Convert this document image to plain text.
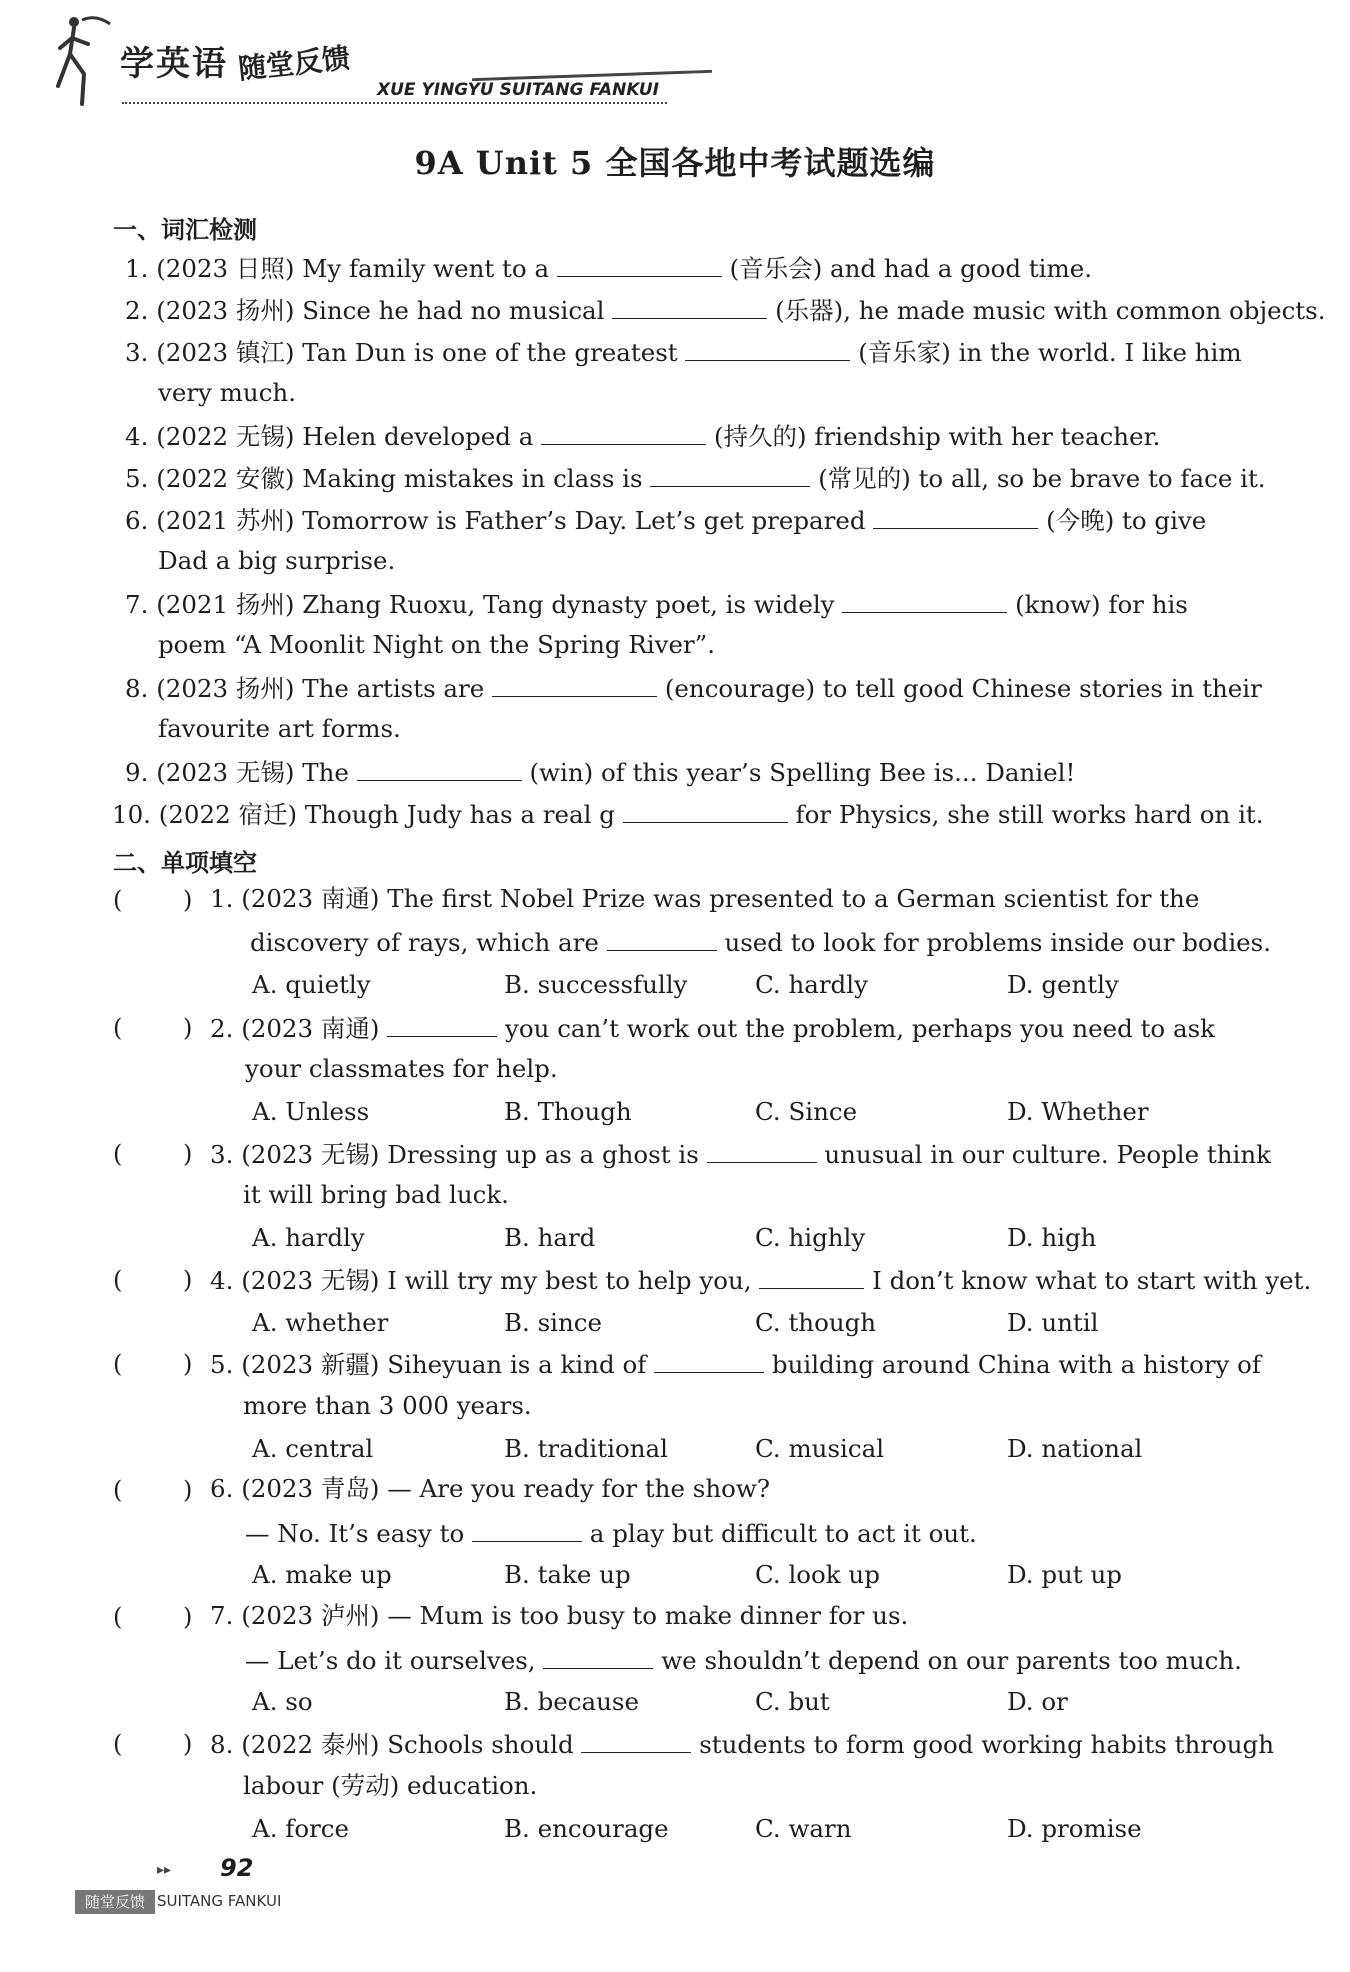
学英语 随堂反馈
XUE YINGYU SUITANG FANKUI
9A Unit 5 全国各地中考试题选编
一、词汇检测
1. (2023 日照) My family went to a	(音乐会) and had a good time.
2. (2023 扬州) Since he had no musical	(乐器), he made music with common objects.
3. (2023 镇江) Tan Dun is one of the greatest	(音乐家) in the world. I like him
very much.
4. (2022 无锡) Helen developed a	(持久的) friendship with her teacher.
5. (2022 安徽) Making mistakes in class is	(常见的) to all, so be brave to face it.
6. (2021 苏州) Tomorrow is Father’s Day. Let’s get prepared	(今晚) to give
Dad a big surprise.
7. (2021 扬州) Zhang Ruoxu, Tang dynasty poet, is widely	(know) for his
poem “A Moonlit Night on the Spring River”.
8. (2023 扬州) The artists are	(encourage) to tell good Chinese stories in their
favourite art forms.
9. (2023 无锡) The	(win) of this year’s Spelling Bee is... Daniel!
10. (2022 宿迁) Though Judy has a real g	for Physics, she still works hard on it.
二、单项填空
(	) 1. (2023 南通) The first Nobel Prize was presented to a German scientist for the
discovery of rays, which are	used to look for problems inside our bodies.
A. quietly	B. successfully	C. hardly	D. gently
(	) 2. (2023 南通)	you can’t work out the problem, perhaps you need to ask
your classmates for help.
A. Unless	B. Though	C. Since	D. Whether
(	) 3. (2023 无锡) Dressing up as a ghost is	unusual in our culture. People think
it will bring bad luck.
A. hardly	B. hard	C. highly	D. high
(	) 4. (2023 无锡) I will try my best to help you,	I don’t know what to start with yet.
A. whether	B. since	C. though	D. until
(	) 5. (2023 新疆) Siheyuan is a kind of	building around China with a history of
more than 3 000 years.
A. central	B. traditional	C. musical	D. national
(	) 6. (2023 青岛) — Are you ready for the show?
— No. It’s easy to	a play but difficult to act it out.
A. make up	B. take up	C. look up	D. put up
(	) 7. (2023 泸州) — Mum is too busy to make dinner for us.
— Let’s do it ourselves,	we shouldn’t depend on our parents too much.
A. so	B. because	C. but	D. or
(	) 8. (2022 泰州) Schools should	students to form good working habits through
labour (劳动) education.
A. force	B. encourage	C. warn	D. promise
▸▸ 92
随堂反馈 SUITANG FANKUI
